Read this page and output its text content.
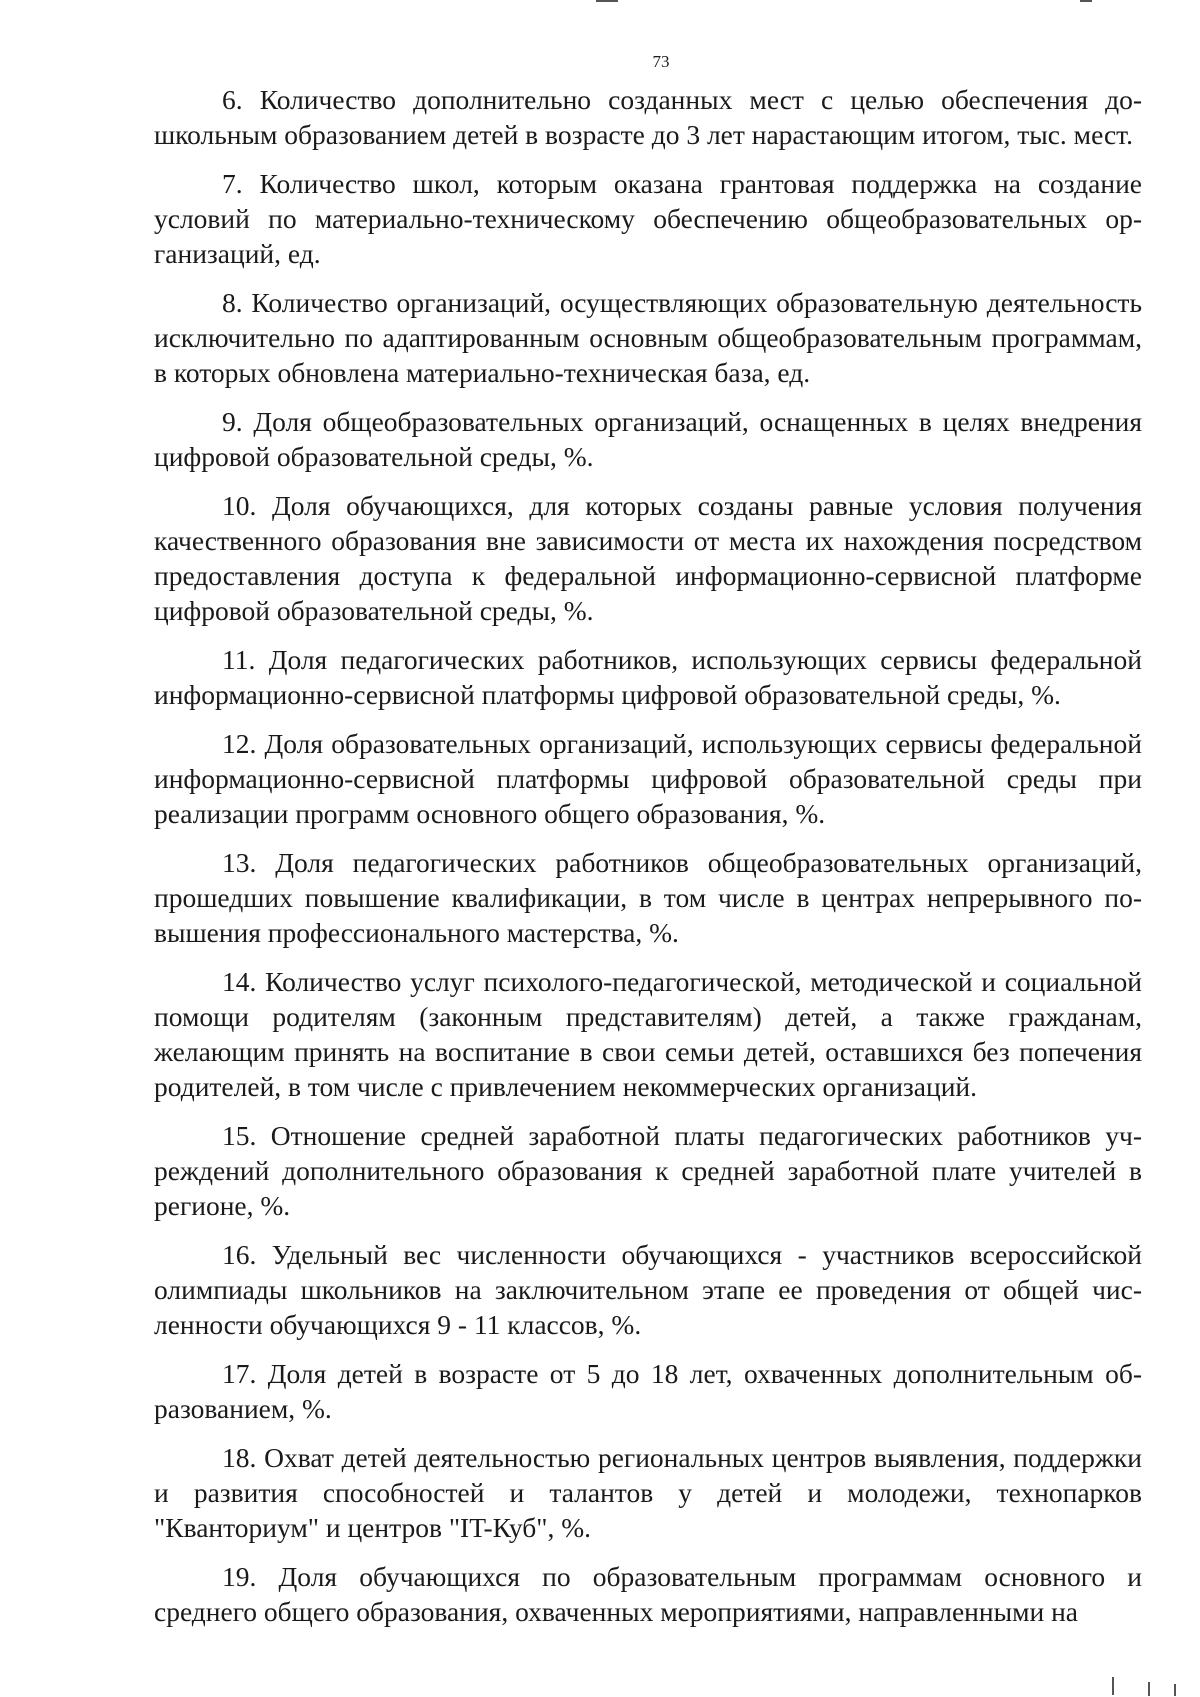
73

6. Количество дополнительно созданных мест с целью обеспечения дошкольным образованием детей в возрасте до 3 лет нарастающим итогом, тыс. мест.

7. Количество школ, которым оказана грантовая поддержка на создание условий по материально-техническому обеспечению общеобразовательных организаций, ед.

8. Количество организаций, осуществляющих образовательную деятельность исключительно по адаптированным основным общеобразовательным программам, в которых обновлена материально-техническая база, ед.

9. Доля общеобразовательных организаций, оснащенных в целях внедрения цифровой образовательной среды, %.

10. Доля обучающихся, для которых созданы равные условия получения качественного образования вне зависимости от места их нахождения посредством предоставления доступа к федеральной информационно-сервисной платформе цифровой образовательной среды, %.

11. Доля педагогических работников, использующих сервисы федеральной информационно-сервисной платформы цифровой образовательной среды, %.

12. Доля образовательных организаций, использующих сервисы федеральной информационно-сервисной платформы цифровой образовательной среды при реализации программ основного общего образования, %.

13. Доля педагогических работников общеобразовательных организаций, прошедших повышение квалификации, в том числе в центрах непрерывного повышения профессионального мастерства, %.

14. Количество услуг психолого-педагогической, методической и социальной помощи родителям (законным представителям) детей, а также гражданам, желающим принять на воспитание в свои семьи детей, оставшихся без попечения родителей, в том числе с привлечением некоммерческих организаций.

15. Отношение средней заработной платы педагогических работников учреждений дополнительного образования к средней заработной плате учителей в регионе, %.

16. Удельный вес численности обучающихся - участников всероссийской олимпиады школьников на заключительном этапе ее проведения от общей численности обучающихся 9 - 11 классов, %.

17. Доля детей в возрасте от 5 до 18 лет, охваченных дополнительным образованием, %.

18. Охват детей деятельностью региональных центров выявления, поддержки и развития способностей и талантов у детей и молодежи, технопарков "Кванториум" и центров "IT-Куб", %.

19. Доля обучающихся по образовательным программам основного и среднего общего образования, охваченных мероприятиями, направленными на
